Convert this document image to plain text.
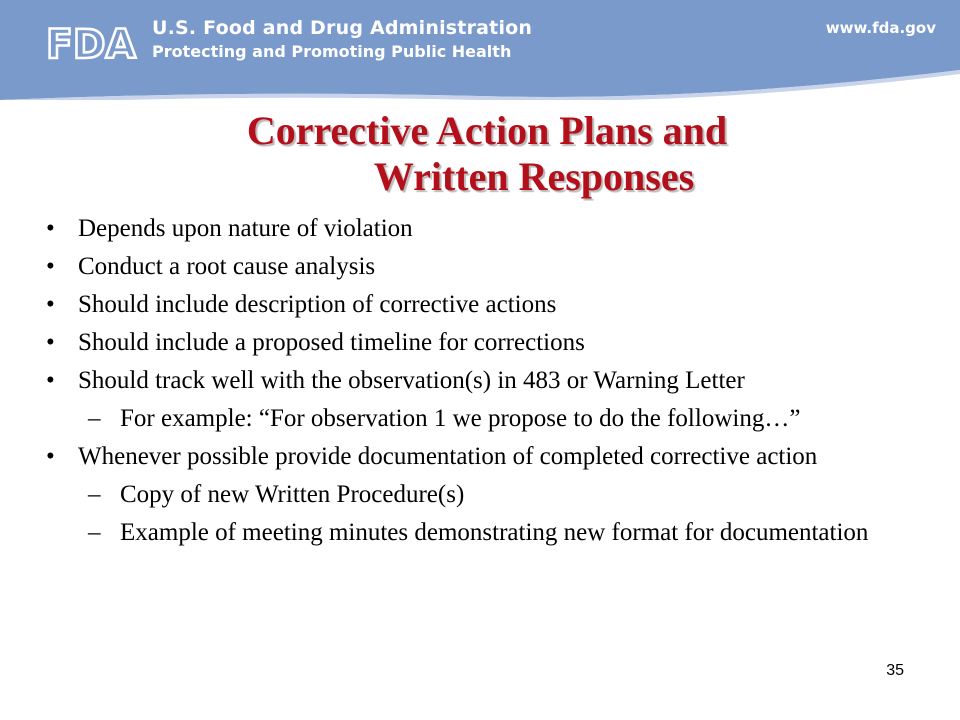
FDA U.S. Food and Drug Administration
Protecting and Promoting Public Health
www.fda.gov
Corrective Action Plans and
Written Responses
• Depends upon nature of violation
• Conduct a root cause analysis
• Should include description of corrective actions
• Should include a proposed timeline for corrections
• Should track well with the observation(s) in 483 or Warning Letter
– For example: “For observation 1 we propose to do the following…”
• Whenever possible provide documentation of completed corrective action
– Copy of new Written Procedure(s)
– Example of meeting minutes demonstrating new format for documentation
35
